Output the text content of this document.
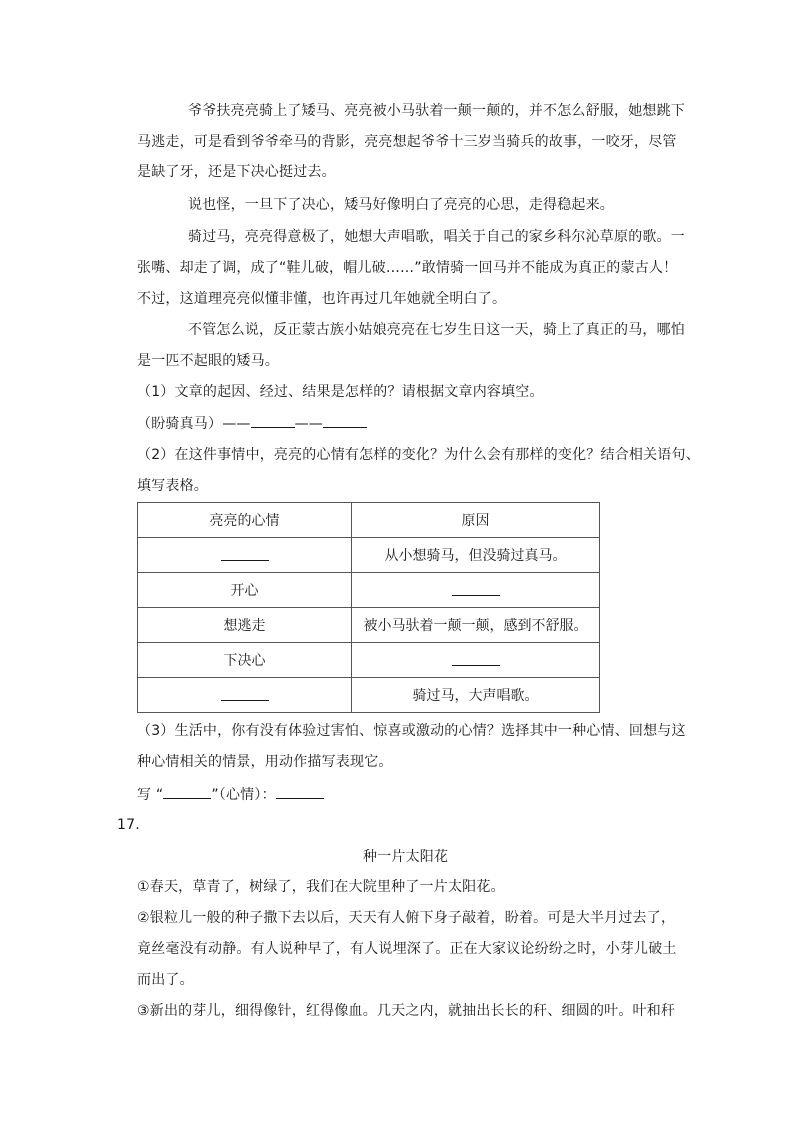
爷爷扶亮亮骑上了矮马、亮亮被小马驮着一颠一颠的，并不怎么舒服，她想跳下
马逃走，可是看到爷爷牵马的背影，亮亮想起爷爷十三岁当骑兵的故事，一咬牙，尽管
是缺了牙，还是下决心挺过去。
说也怪，一旦下了决心，矮马好像明白了亮亮的心思，走得稳起来。
骑过马，亮亮得意极了，她想大声唱歌，唱关于自己的家乡科尔沁草原的歌。一
张嘴、却走了调，成了“鞋儿破，帽儿破……”敢情骑一回马并不能成为真正的蒙古人！
不过，这道理亮亮似懂非懂，也许再过几年她就全明白了。
不管怎么说，反正蒙古族小姑娘亮亮在七岁生日这一天，骑上了真正的马，哪怕
是一匹不起眼的矮马。
（1）文章的起因、经过、结果是怎样的？请根据文章内容填空。
（盼骑真马）——	——
（2）在这件事情中，亮亮的心情有怎样的变化？为什么会有那样的变化？结合相关语句、
填写表格。
亮亮的心情	原因
	从小想骑马，但没骑过真马。
开心	
想逃走	被小马驮着一颠一颠，感到不舒服。
下决心	
	骑过马，大声唱歌。
（3）生活中，你有没有体验过害怕、惊喜或激动的心情？选择其中一种心情、回想与这
种心情相关的情景，用动作描写表现它。
写 “	”（心情）：
17.
种一片太阳花
①春天，草青了，树绿了，我们在大院里种了一片太阳花。
②银粒儿一般的种子撒下去以后，天天有人俯下身子敲着，盼着。可是大半月过去了，
竟丝毫没有动静。有人说种早了，有人说埋深了。正在大家议论纷纷之时，小芽儿破土
而出了。
③新出的芽儿，细得像针，红得像血。几天之内，就抽出长长的秆、细圆的叶。叶和秆
